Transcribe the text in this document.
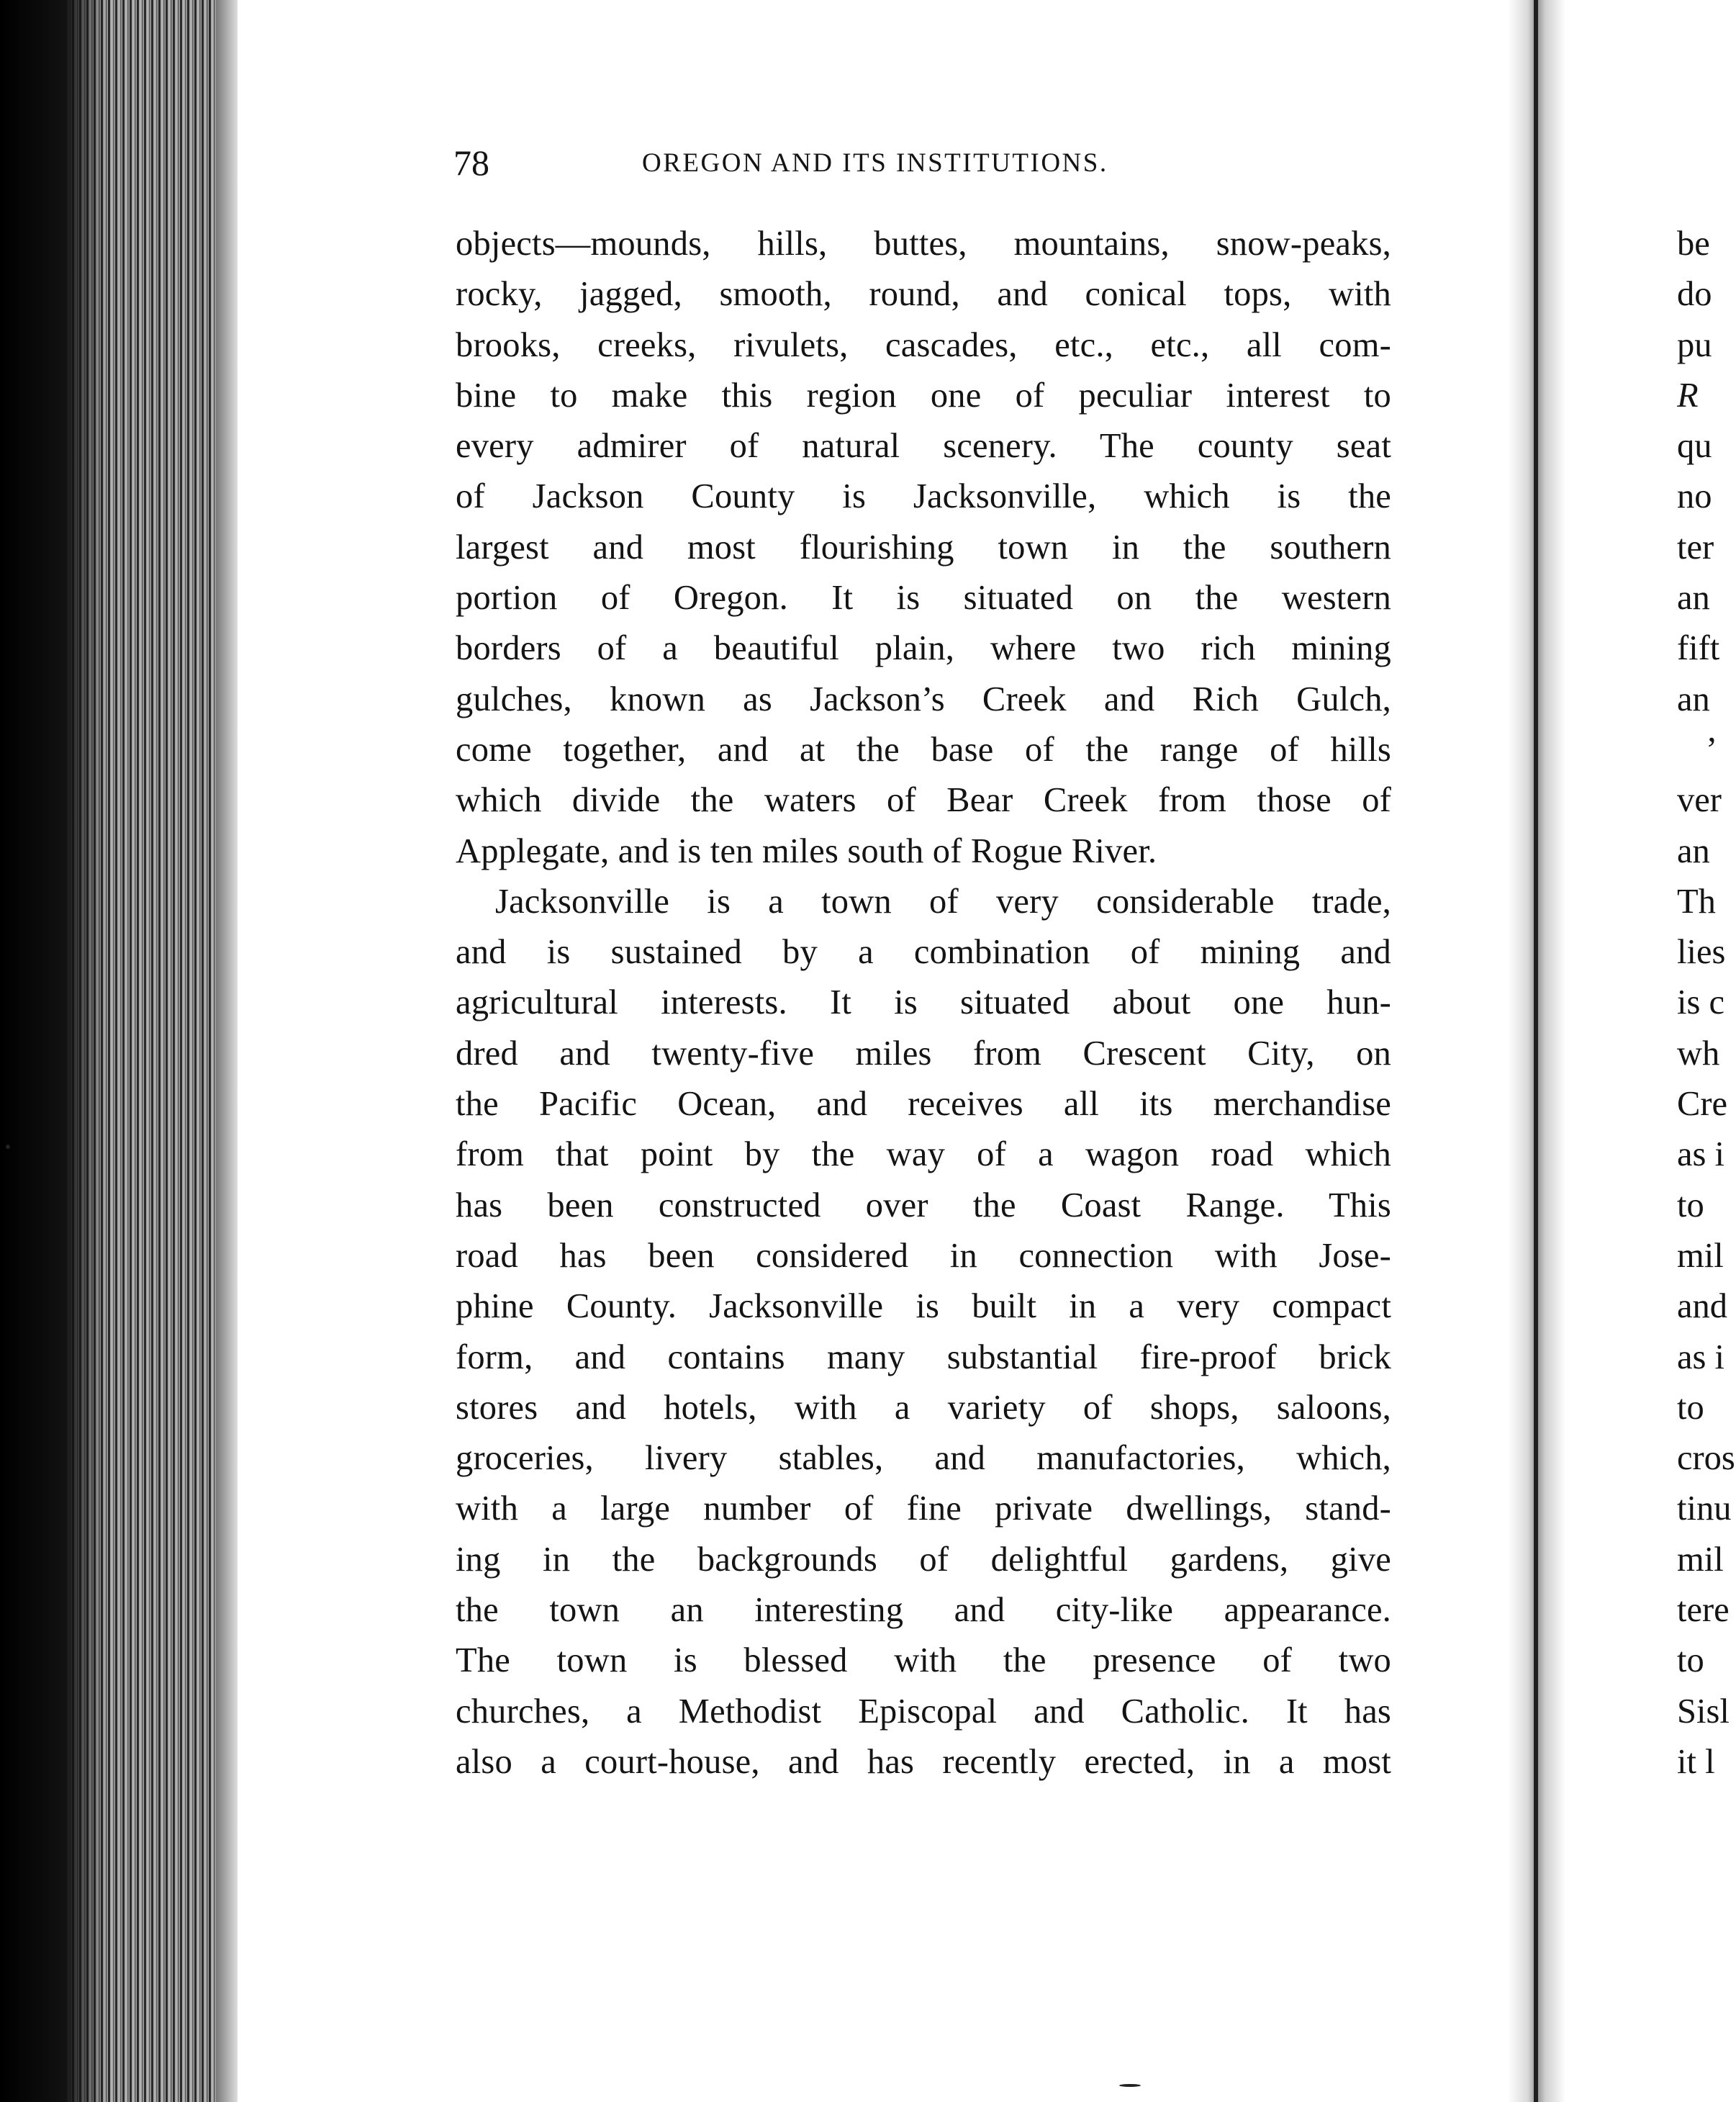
78	OREGON AND ITS INSTITUTIONS.
objects—mounds, hills, buttes, mountains, snow-peaks,
rocky, jagged, smooth, round, and conical tops, with
brooks, creeks, rivulets, cascades, etc., etc., all com-
bine to make this region one of peculiar interest to
every admirer of natural scenery. The county seat
of Jackson County is Jacksonville, which is the
largest and most flourishing town in the southern
portion of Oregon. It is situated on the western
borders of a beautiful plain, where two rich mining
gulches, known as Jackson’s Creek and Rich Gulch,
come together, and at the base of the range of hills
which divide the waters of Bear Creek from those of
Applegate, and is ten miles south of Rogue River.
Jacksonville is a town of very considerable trade,
and is sustained by a combination of mining and
agricultural interests. It is situated about one hun-
dred and twenty-five miles from Crescent City, on
the Pacific Ocean, and receives all its merchandise
from that point by the way of a wagon road which
has been constructed over the Coast Range. This
road has been considered in connection with Jose-
phine County. Jacksonville is built in a very compact
form, and contains many substantial fire-proof brick
stores and hotels, with a variety of shops, saloons,
groceries, livery stables, and manufactories, which,
with a large number of fine private dwellings, stand-
ing in the backgrounds of delightful gardens, give
the town an interesting and city-like appearance.
The town is blessed with the presence of two
churches, a Methodist Episcopal and Catholic. It has
also a court-house, and has recently erected, in a most
be
do
pu
R
qu
no
ter
an
fift
an
’
ver
an
Th
lies
is c
wh
Cre
as i
to
mil
and
as i
to
cros
tinu
mil
tere
to
Sisl
it l
